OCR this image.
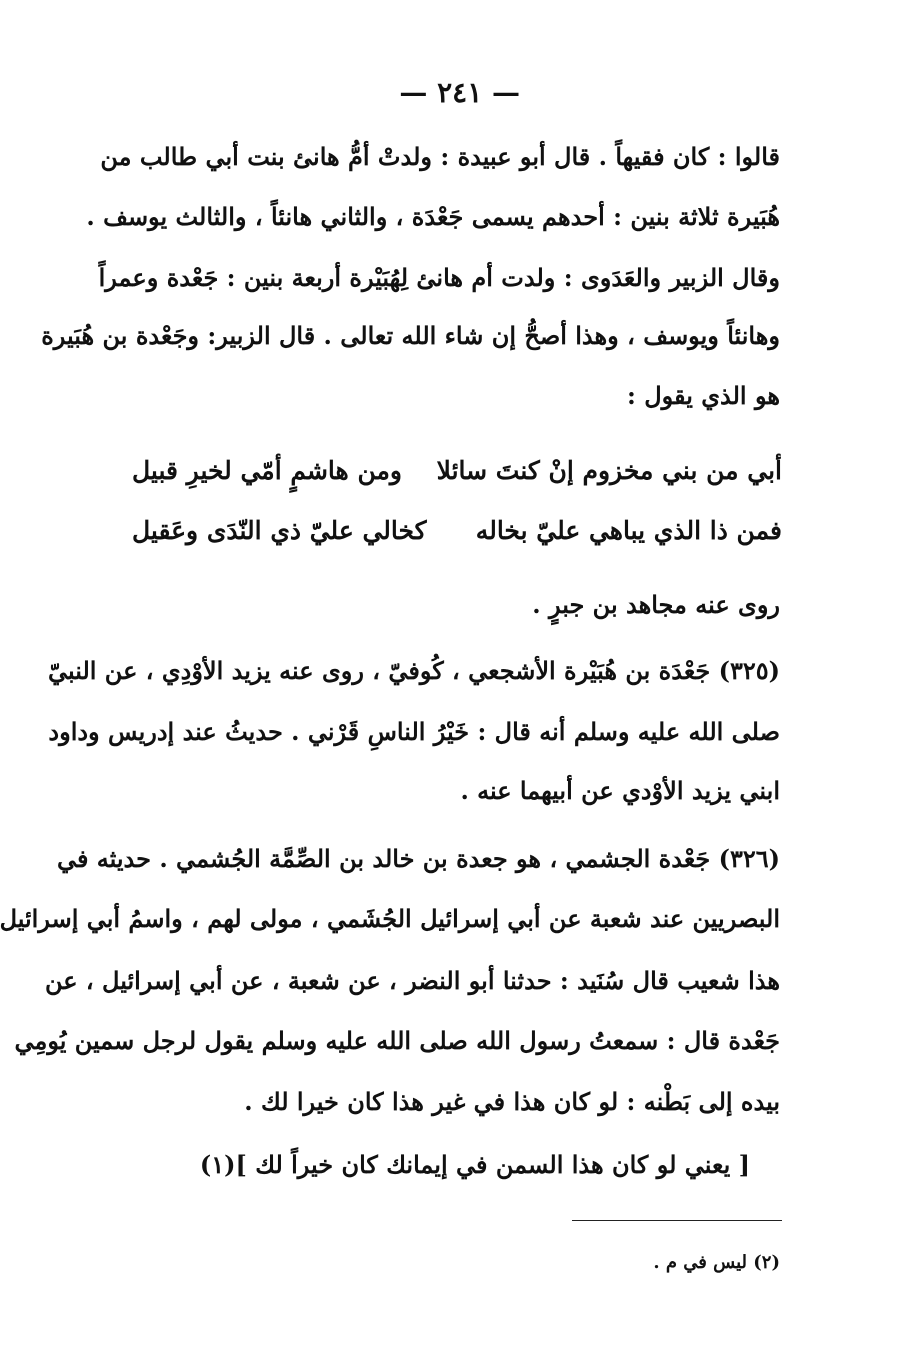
— ٢٤١ —
قالوا : كان فقيهاً . قال أبو عبيدة : ولدتْ أمُّ هانئ بنت أبي طالب من
هُبَيرة ثلاثة بنين : أحدهم يسمى جَعْدَة ، والثاني هانئاً ، والثالث يوسف .
وقال الزبير والعَدَوى : ولدت أم هانئ لِهُبَيْرة أربعة بنين : جَعْدة وعمراً
وهانئاً ويوسف ، وهذا أصحُّ إن شاء الله تعالى . قال الزبير: وجَعْدة بن هُبَيرة
هو الذي يقول :
أبي من بني مخزوم إنْ كنتَ سائلا
ومن هاشمٍ أمّي لخيرِ قبيل
فمن ذا الذي يباهي عليّ بخاله
كخالي عليّ ذي النّدَى وعَقيل
روى عنه مجاهد بن جبرٍ .
(٣٢٥) جَعْدَة بن هُبَيْرة الأشجعي ، كُوفيّ ، روى عنه يزيد الأوْدِي ، عن النبيّ
صلى الله عليه وسلم أنه قال : خَيْرُ الناسِ قَرْني . حديثُ عند إدريس وداود
ابني يزيد الأوْدي عن أبيهما عنه .
(٣٢٦) جَعْدة الجشمي ، هو جعدة بن خالد بن الصِّمَّة الجُشمي . حديثه في
البصريين عند شعبة عن أبي إسرائيل الجُشَمي ، مولى لهم ، واسمُ أبي إسرائيل
هذا شعيب قال سُنَيد : حدثنا أبو النضر ، عن شعبة ، عن أبي إسرائيل ، عن
جَعْدة قال : سمعتُ رسول الله صلى الله عليه وسلم يقول لرجل سمين يُومِي
بيده إلى بَطْنه : لو كان هذا في غير هذا كان خيرا لك .
[ يعني لو كان هذا السمن في إيمانك كان خيراً لك ](١)
(٢) ليس في م .
